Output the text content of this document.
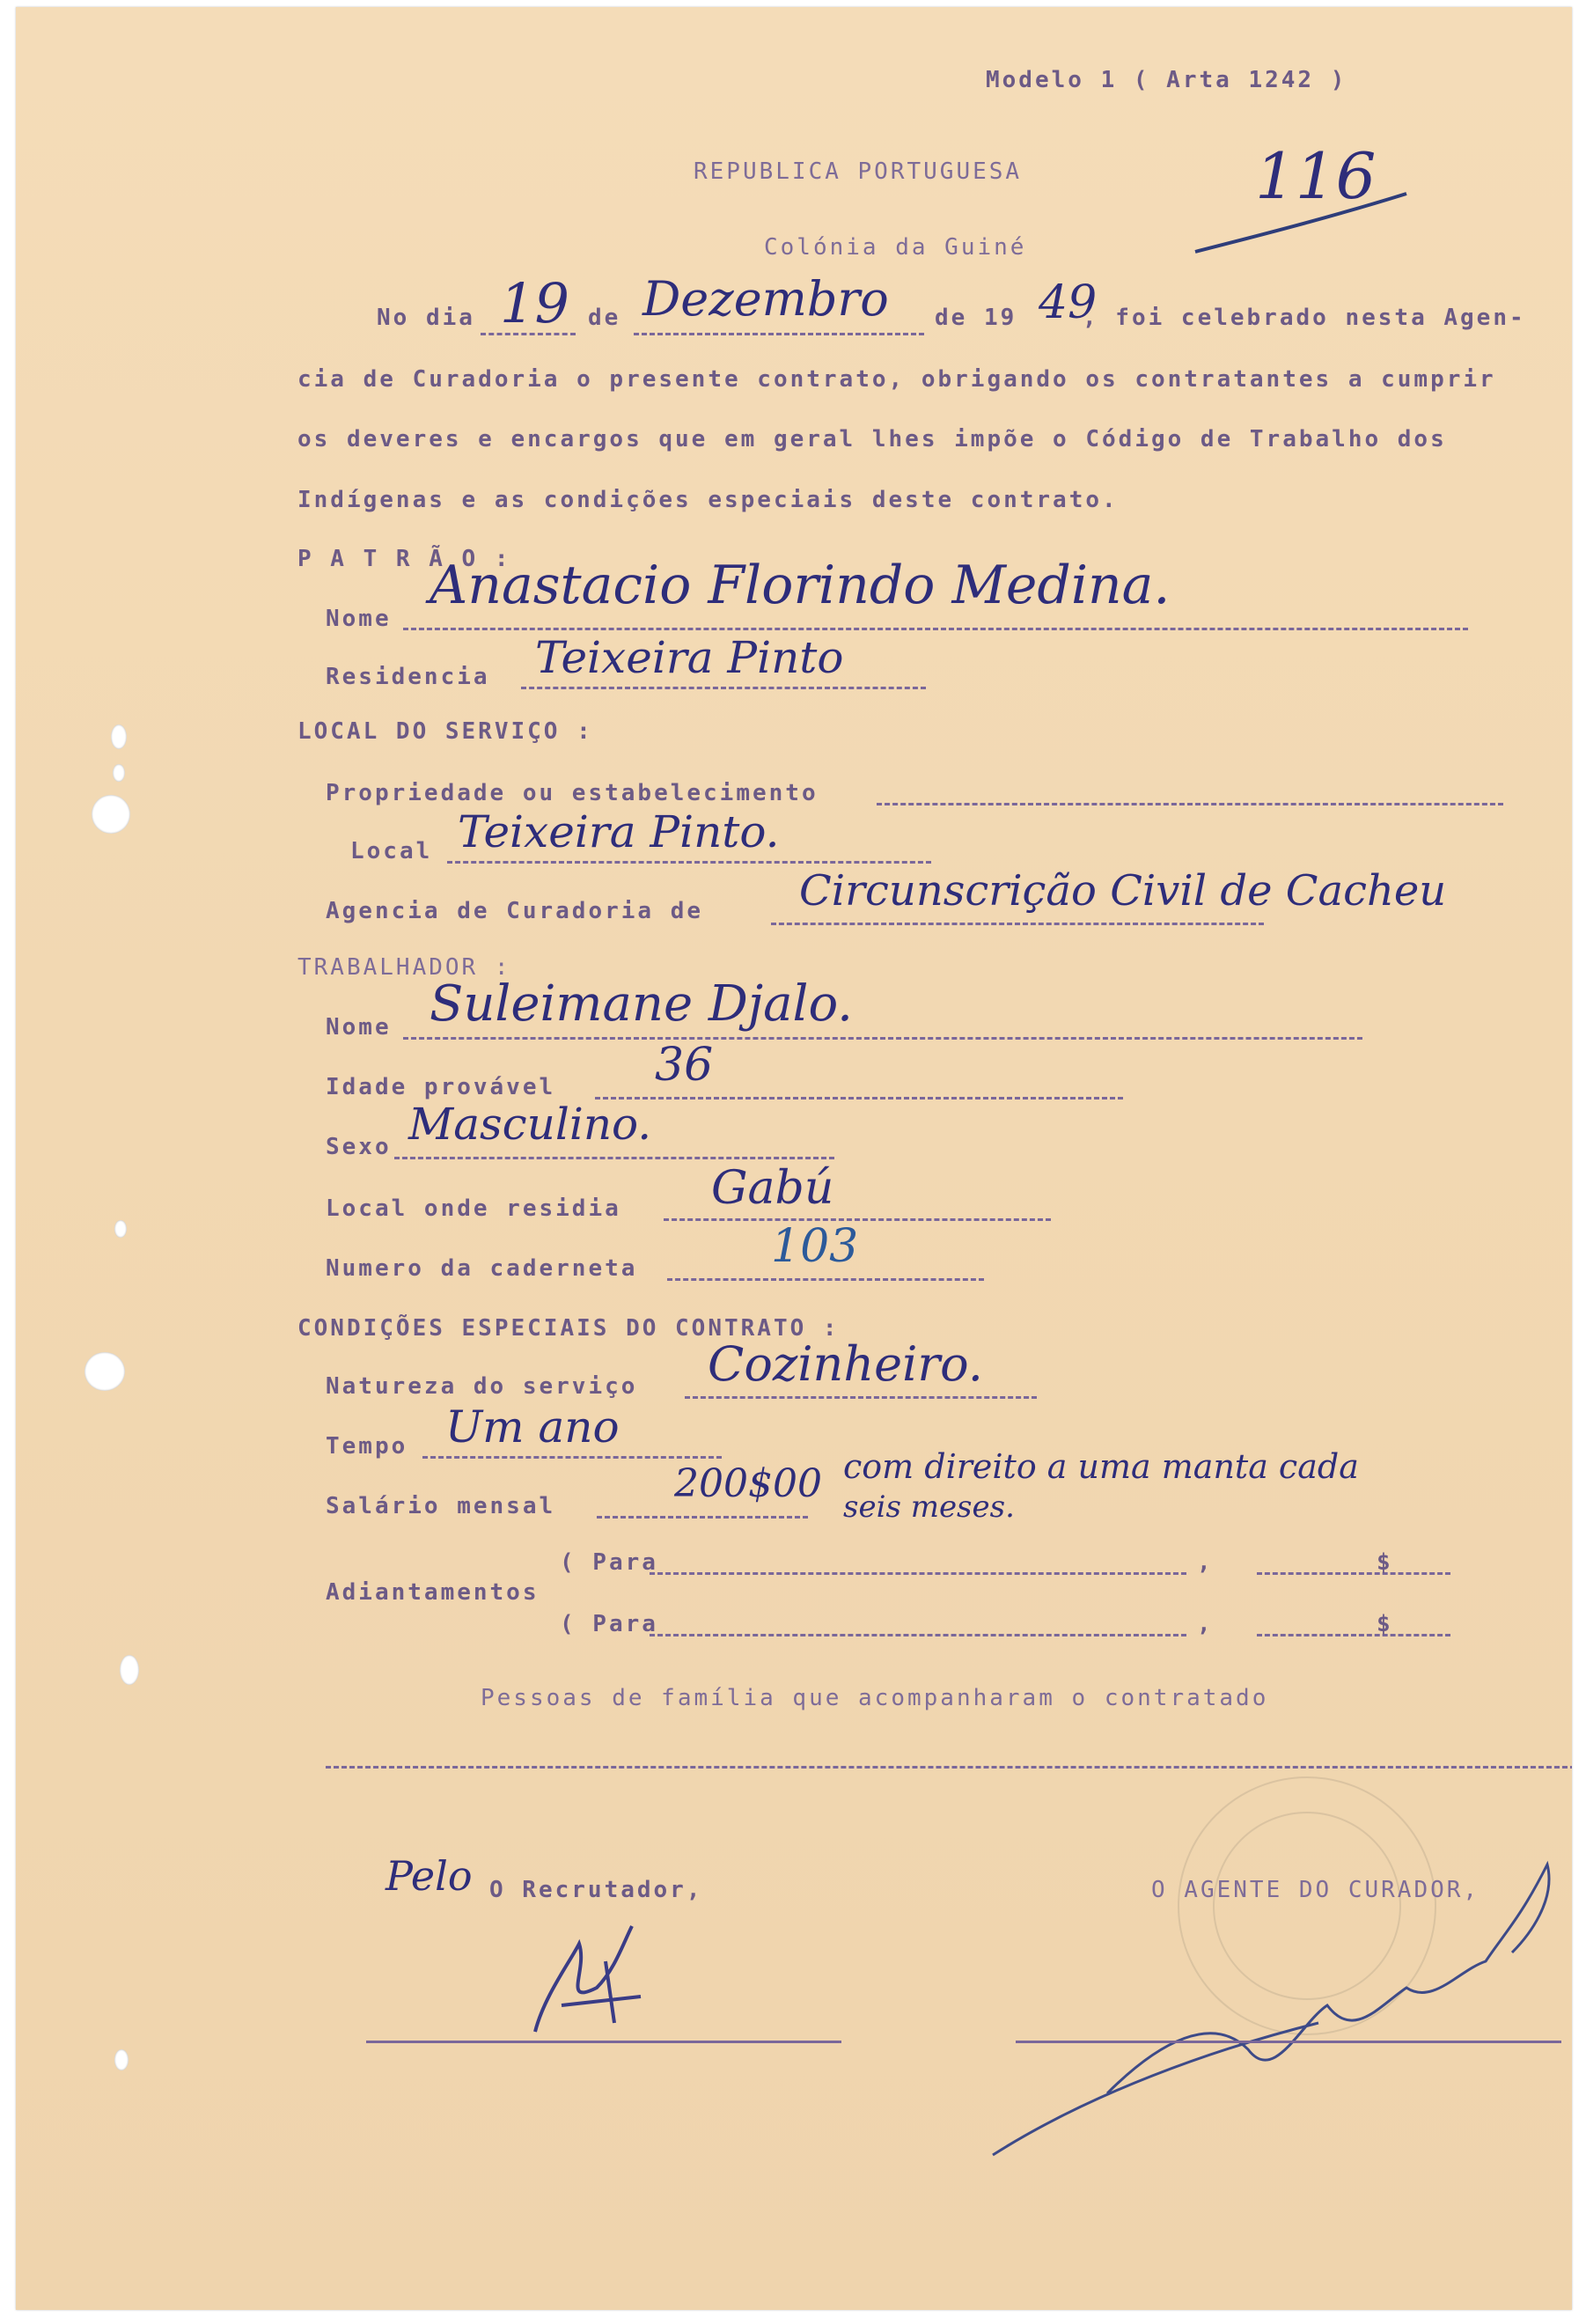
Modelo 1 ( Arta 1242 )
REPUBLICA PORTUGUESA
Colónia da Guiné
116
No dia 19 de Dezembro de 19 49
, foi celebrado nesta Agen-
cia de Curadoria o presente contrato, obrigando os contratantes a cumprir
os deveres e encargos que em geral lhes impõe o Código de Trabalho dos
Indígenas e as condições especiais deste contrato.
P A T R Ã O :
Nome
Anastacio Florindo Medina.
Residencia Teixeira Pinto
LOCAL DO SERVIÇO :
Propriedade ou estabelecimento
Local Teixeira Pinto.
Agencia de Curadoria de Circunscrição Civil de Cacheu
TRABALHADOR :
Nome Suleimane Djalo.
Idade provável 36
Sexo Masculino.
Local onde residia Gabú
Numero da caderneta	103
CONDIÇÕES ESPECIAIS DO CONTRATO :
Natureza do serviço Cozinheiro.
Tempo Um ano
Salário mensal	200$00 com direito a uma manta cada
seis meses.
Adiantamentos
( Para	,	$
( Para	,	$
Pessoas de família que acompanharam o contratado
Pelo O Recrutador,	O AGENTE DO CURADOR,
